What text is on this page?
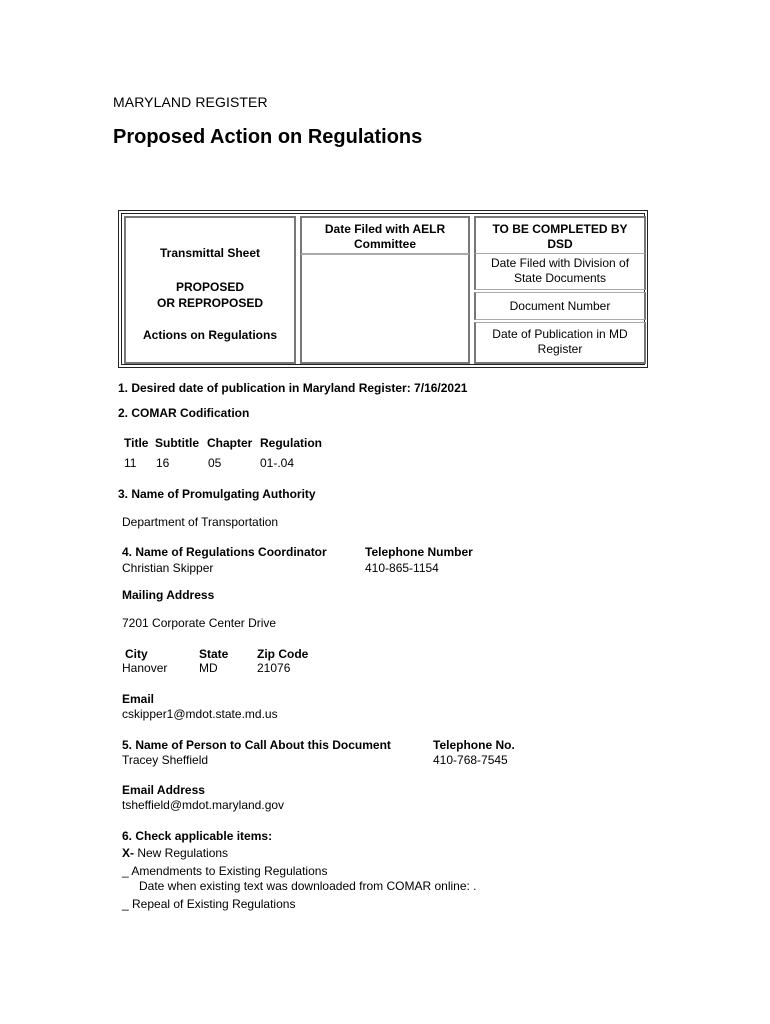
MARYLAND REGISTER
Proposed Action on Regulations
Transmittal Sheet
PROPOSED
OR REPROPOSED
Actions on Regulations
Date Filed with AELR Committee
TO BE COMPLETED BY DSD
Date Filed with Division of State Documents
Document Number
Date of Publication in MD Register
1. Desired date of publication in Maryland Register: 7/16/2021
2. COMAR Codification
Title Subtitle Chapter Regulation
11 16	05	01-.04
3. Name of Promulgating Authority
Department of Transportation
4. Name of Regulations Coordinator
Christian Skipper
Telephone Number
410-865-1154
Mailing Address
7201 Corporate Center Drive
City
Hanover
State
MD
Zip Code
21076
Email
cskipper1@mdot.state.md.us
5. Name of Person to Call About this Document
Tracey Sheffield
Telephone No.
410-768-7545
Email Address
tsheffield@mdot.maryland.gov
6. Check applicable items:
X- New Regulations
_ Amendments to Existing Regulations
Date when existing text was downloaded from COMAR online: .
_ Repeal of Existing Regulations
